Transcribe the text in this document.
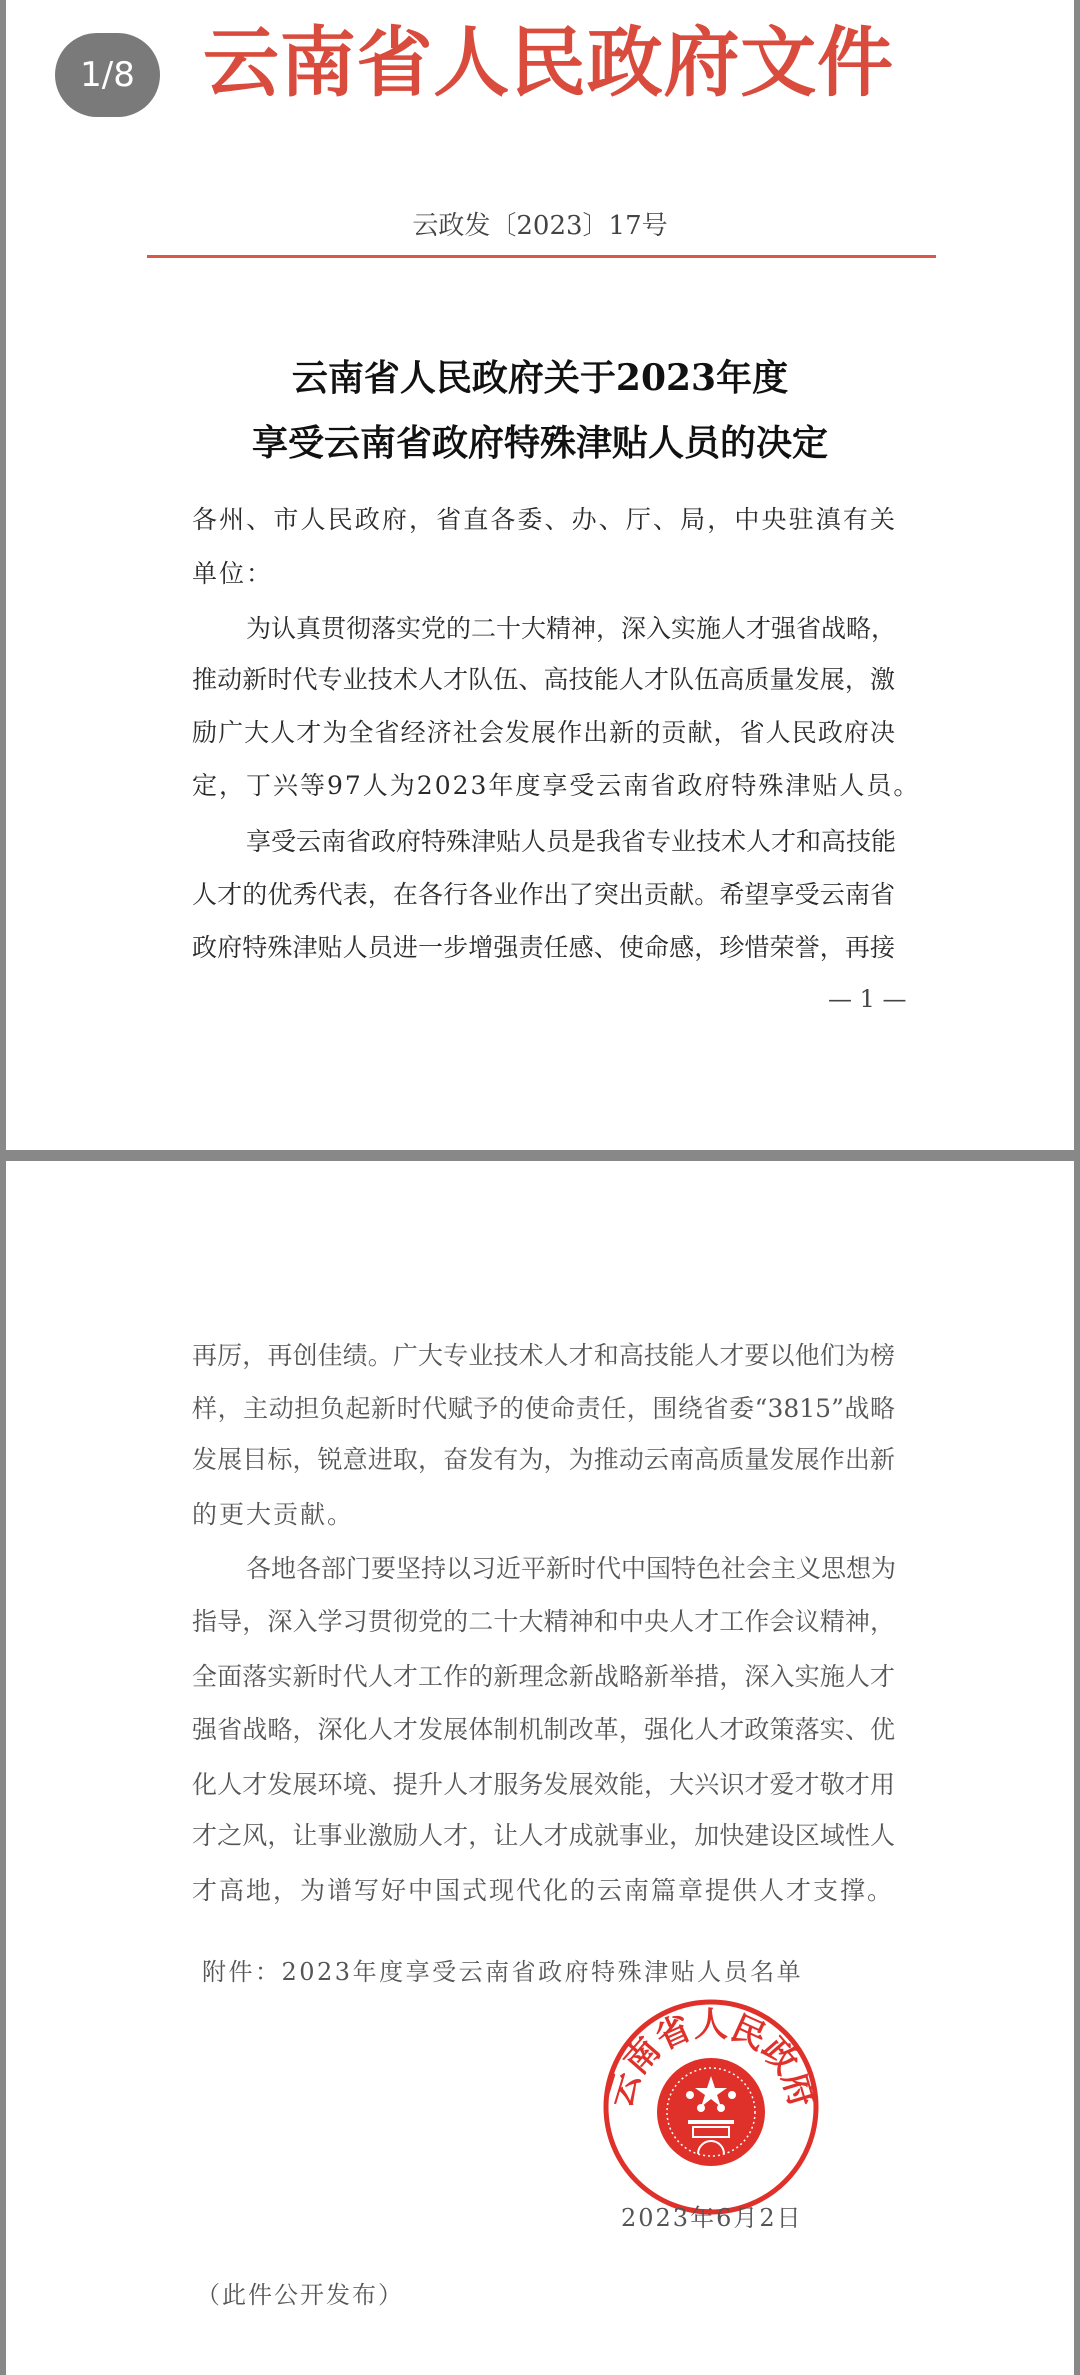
1/8 云南省人民政府文件
云政发〔2023〕17号
云南省人民政府关于2023年度
享受云南省政府特殊津贴人员的决定
各州、市人民政府，省直各委、办、厅、局，中央驻滇有关
单位：
为认真贯彻落实党的二十大精神，深入实施人才强省战略，
推动新时代专业技术人才队伍、高技能人才队伍高质量发展，激
励广大人才为全省经济社会发展作出新的贡献，省人民政府决
定，丁兴等97人为2023年度享受云南省政府特殊津贴人员。
享受云南省政府特殊津贴人员是我省专业技术人才和高技能
人才的优秀代表，在各行各业作出了突出贡献。希望享受云南省
政府特殊津贴人员进一步增强责任感、使命感，珍惜荣誉，再接
— 1 —
再厉，再创佳绩。广大专业技术人才和高技能人才要以他们为榜
样，主动担负起新时代赋予的使命责任，围绕省委“3815”战略
发展目标，锐意进取，奋发有为，为推动云南高质量发展作出新
的更大贡献。
各地各部门要坚持以习近平新时代中国特色社会主义思想为
指导，深入学习贯彻党的二十大精神和中央人才工作会议精神，
全面落实新时代人才工作的新理念新战略新举措，深入实施人才
强省战略，深化人才发展体制机制改革，强化人才政策落实、优
化人才发展环境、提升人才服务发展效能，大兴识才爱才敬才用
才之风，让事业激励人才，让人才成就事业，加快建设区域性人
才高地，为谱写好中国式现代化的云南篇章提供人才支撑。
附件：2023年度享受云南省政府特殊津贴人员名单
云南省人民政府
2023年6月2日
（此件公开发布）
